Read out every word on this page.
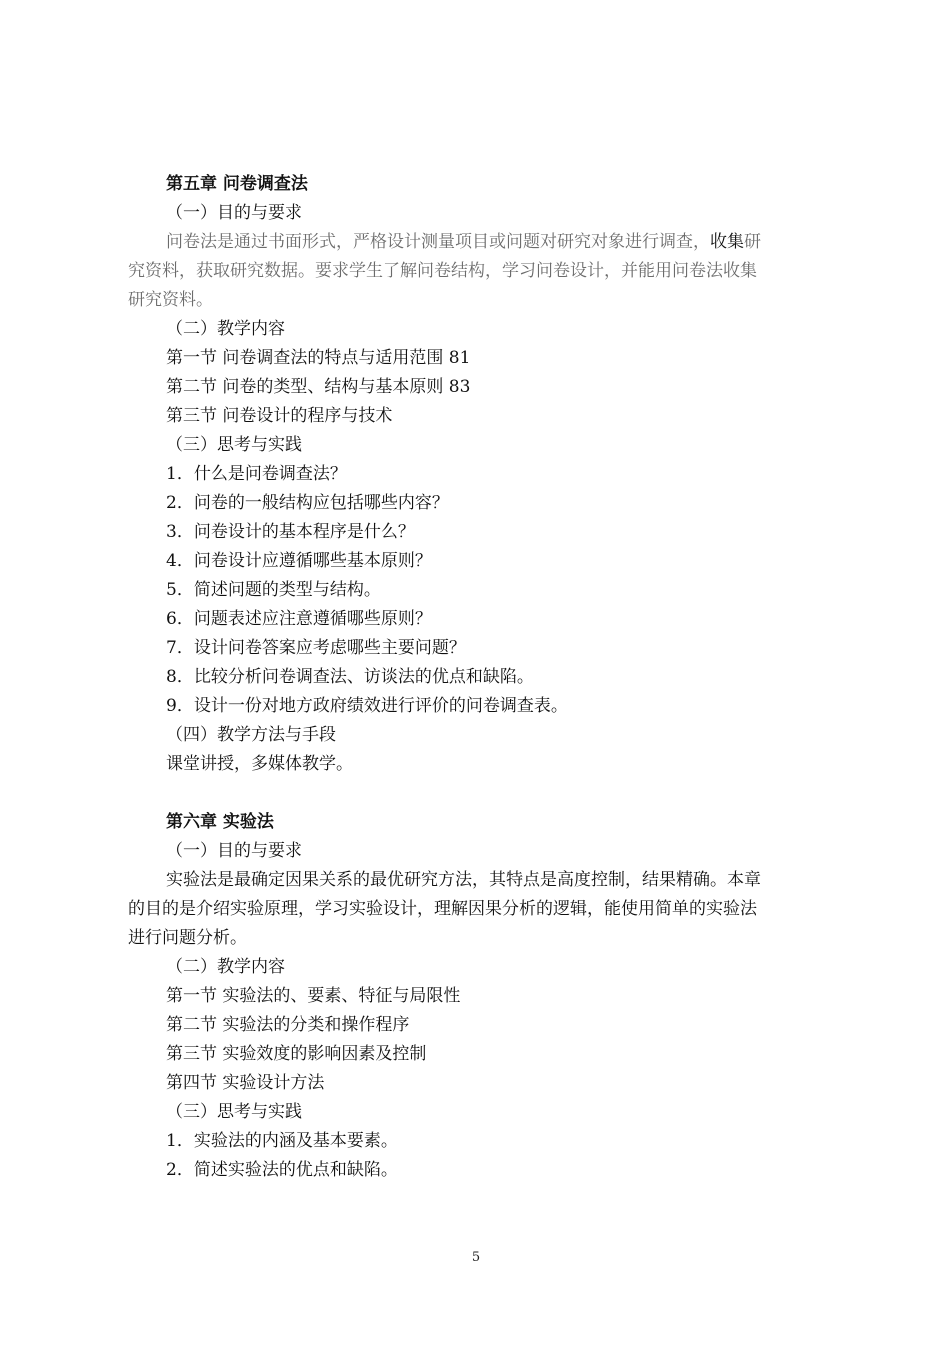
第五章 问卷调查法
（一）目的与要求
问卷法是通过书面形式，严格设计测量项目或问题对研究对象进行调查，收集研
究资料，获取研究数据。要求学生了解问卷结构，学习问卷设计，并能用问卷法收集
研究资料。
（二）教学内容
第一节 问卷调查法的特点与适用范围 81
第二节 问卷的类型、结构与基本原则 83
第三节 问卷设计的程序与技术
（三）思考与实践
1．什么是问卷调查法？
2．问卷的一般结构应包括哪些内容？
3．问卷设计的基本程序是什么？
4．问卷设计应遵循哪些基本原则？
5．简述问题的类型与结构。
6．问题表述应注意遵循哪些原则？
7．设计问卷答案应考虑哪些主要问题？
8．比较分析问卷调查法、访谈法的优点和缺陷。
9．设计一份对地方政府绩效进行评价的问卷调查表。
（四）教学方法与手段
课堂讲授，多媒体教学。
第六章 实验法
（一）目的与要求
实验法是最确定因果关系的最优研究方法，其特点是高度控制，结果精确。本章
的目的是介绍实验原理，学习实验设计，理解因果分析的逻辑，能使用简单的实验法
进行问题分析。
（二）教学内容
第一节 实验法的、要素、特征与局限性
第二节 实验法的分类和操作程序
第三节 实验效度的影响因素及控制
第四节 实验设计方法
（三）思考与实践
1．实验法的内涵及基本要素。
2．简述实验法的优点和缺陷。
5
